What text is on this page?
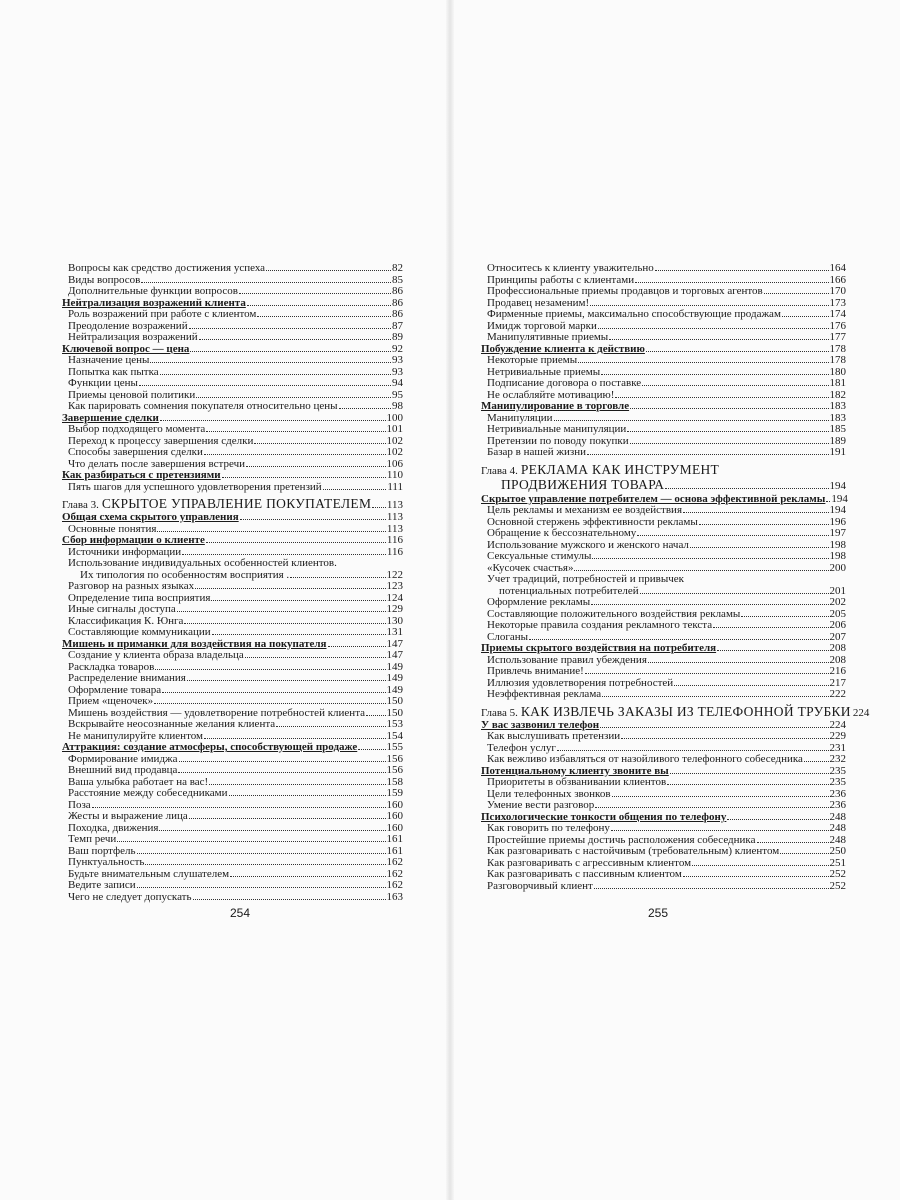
Вопросы как средство достижения успеха	82
Виды вопросов	85
Дополнительные функции вопросов	86
Нейтрализация возражений клиента	86
Роль возражений при работе с клиентом	86
Преодоление возражений	87
Нейтрализация возражений	89
Ключевой вопрос — цена	92
Назначение цены	93
Попытка как пытка	93
Функции цены	94
Приемы ценовой политики	95
Как парировать сомнения покупателя относительно цены	98
Завершение сделки	100
Выбор подходящего момента	101
Переход к процессу завершения сделки	102
Способы завершения сделки	102
Что делать после завершения встречи	106
Как разбираться с претензиями	110
Пять шагов для успешного удовлетворения претензий	111
Глава 3. СКРЫТОЕ УПРАВЛЕНИЕ ПОКУПАТЕЛЕМ 113
Общая схема скрытого управления	113
Основные понятия	113
Сбор информации о клиенте	116
Источники информации	116
Использование индивидуальных особенностей клиентов.
Их типология по особенностям восприятия .	122
Разговор на разных языках	123
Определение типа восприятия	124
Иные сигналы доступа	129
Классификация К. Юнга	130
Составляющие коммуникации	131
Мишень и приманки для воздействия на покупателя	147
Создание у клиента образа владельца	147
Раскладка товаров	149
Распределение внимания	149
Оформление товара	149
Прием «щеночек»	150
Мишень воздействия — удовлетворение потребностей клиента 150
Вскрывайте неосознанные желания клиента	153
Не манипулируйте клиентом	154
Аттракция: создание атмосферы, способствующей продаже	155
Формирование имиджа	156
Внешний вид продавца	156
Ваша улыбка работает на вас!	158
Расстояние между собеседниками	159
Поза	160
Жесты и выражение лица	160
Походка, движения	160
Темп речи	161
Ваш портфель	161
Пунктуальность	162
Будьте внимательным слушателем	162
Ведите записи	162
Чего не следует допускать	163
Относитесь к клиенту уважительно	164
Принципы работы с клиентами	166
Профессиональные приемы продавцов и торговых агентов	170
Продавец незаменим!	173
Фирменные приемы, максимально способствующие продажам	174
Имидж торговой марки	176
Манипулятивные приемы	177
Побуждение клиента к действию	178
Некоторые приемы	178
Нетривиальные приемы	180
Подписание договора о поставке	181
Не ослабляйте мотивацию!	182
Манипулирование в торговле	183
Манипуляции	183
Нетривиальные манипуляции	185
Претензии по поводу покупки	189
Базар в нашей жизни	191
Глава 4. РЕКЛАМА КАК ИНСТРУМЕНТ
ПРОДВИЖЕНИЯ ТОВАРА	194
Скрытое управление потребителем — основа эффективной рекламы 194
Цель рекламы и механизм ее воздействия	194
Основной стержень эффективности рекламы	196
Обращение к бессознательному	197
Использование мужского и женского начал	198
Сексуальные стимулы	198
«Кусочек счастья»	200
Учет традиций, потребностей и привычек
потенциальных потребителей	201
Оформление рекламы	202
Составляющие положительного воздействия рекламы	205
Некоторые правила создания рекламного текста	206
Слоганы	207
Приемы скрытого воздействия на потребителя	208
Использование правил убеждения	208
Привлечь внимание!	216
Иллюзия удовлетворения потребностей	217
Неэффективная реклама	222
Глава 5. КАК ИЗВЛЕЧЬ ЗАКАЗЫ ИЗ ТЕЛЕФОННОЙ ТРУБКИ 224
У вас зазвонил телефон	224
Как выслушивать претензии	229
Телефон услуг	231
Как вежливо избавляться от назойливого телефонного собеседника 232
Потенциальному клиенту звоните вы	235
Приоритеты в обзванивании клиентов	235
Цели телефонных звонков	236
Умение вести разговор	236
Психологические тонкости общения по телефону	248
Как говорить по телефону	248
Простейшие приемы достичь расположения собеседника	248
Как разговаривать с настойчивым (требовательным) клиентом	250
Как разговаривать с агрессивным клиентом	251
Как разговаривать с пассивным клиентом	252
Разговорчивый клиент	252
254	255
